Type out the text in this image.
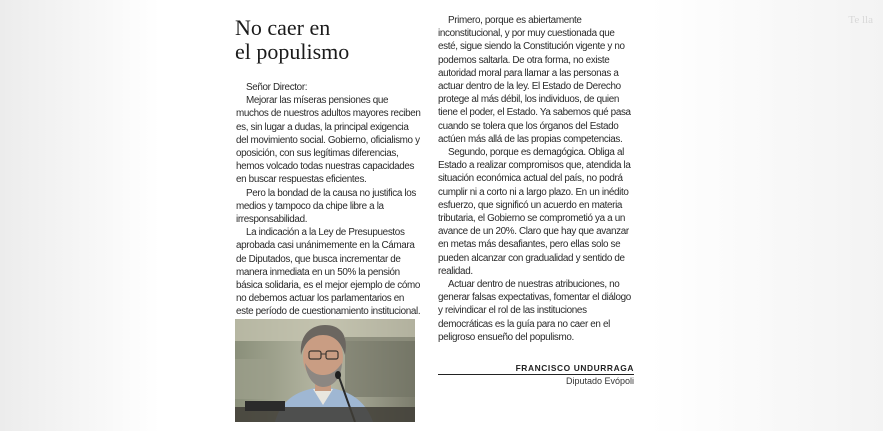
Te lla
No caer en
el populismo

Señor Director:

Mejorar las míseras pensiones que muchos de nuestros adultos mayores reciben es, sin lugar a dudas, la principal exigencia del movimiento social. Gobierno, oficialismo y oposición, con sus legítimas diferencias, hemos volcado todas nuestras capacidades en buscar respuestas eficientes.

Pero la bondad de la causa no justifica los medios y tampoco da chipe libre a la irresponsabilidad.

La indicación a la Ley de Presupuestos aprobada casi unánimemente en la Cámara de Diputados, que busca incrementar de manera inmediata en un 50% la pensión básica solidaria, es el mejor ejemplo de cómo no debemos actuar los parlamentarios en este período de cuestionamiento institucional.

Primero, porque es abiertamente inconstitucional, y por muy cuestionada que esté, sigue siendo la Constitución vigente y no podemos saltarla. De otra forma, no existe autoridad moral para llamar a las personas a actuar dentro de la ley. El Estado de Derecho protege al más débil, los individuos, de quien tiene el poder, el Estado. Ya sabemos qué pasa cuando se tolera que los órganos del Estado actúen más allá de las propias competencias.

Segundo, porque es demagógica. Obliga al Estado a realizar compromisos que, atendida la situación económica actual del país, no podrá cumplir ni a corto ni a largo plazo. En un inédito esfuerzo, que significó un acuerdo en materia tributaria, el Gobierno se comprometió ya a un avance de un 20%. Claro que hay que avanzar en metas más desafiantes, pero ellas solo se pueden alcanzar con gradualidad y sentido de realidad.

Actuar dentro de nuestras atribuciones, no generar falsas expectativas, fomentar el diálogo y reivindicar el rol de las instituciones democráticas es la guía para no caer en el peligroso ensueño del populismo.

FRANCISCO UNDURRAGA
Diputado Evópoli
